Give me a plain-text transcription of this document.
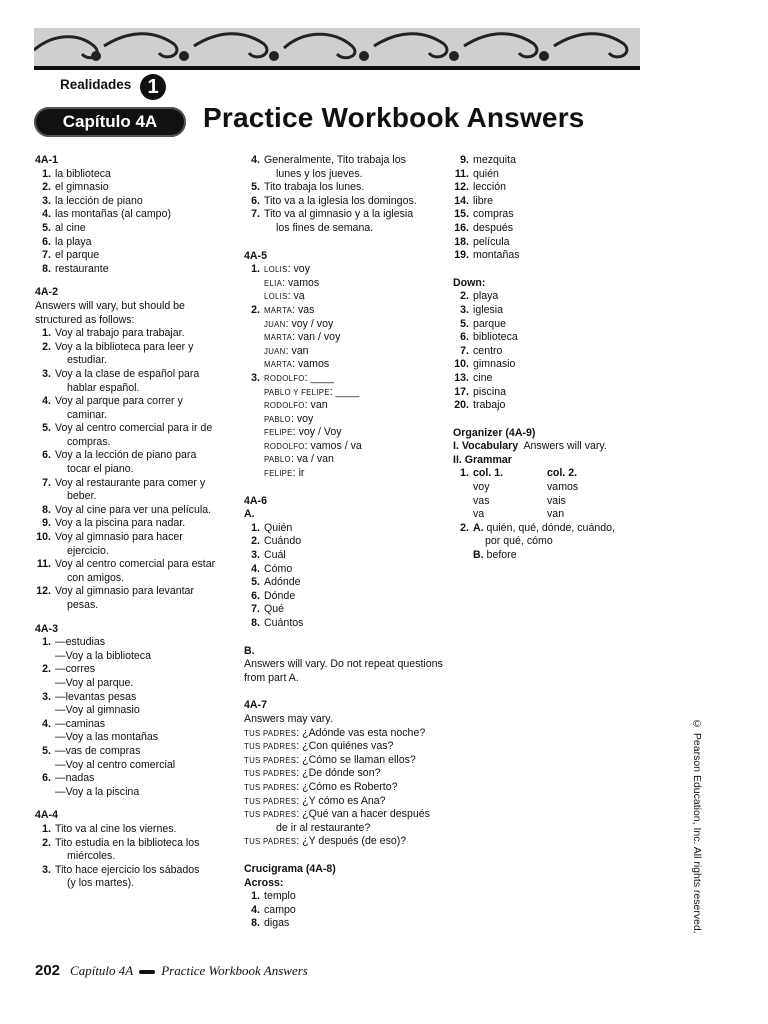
Realidades 1
Capítulo 4A	Practice Workbook Answers
4A-1
1. la biblioteca
2. el gimnasio
3. la lección de piano
4. las montañas (al campo)
5. al cine
6. la playa
7. el parque
8. restaurante
4A-2
Answers will vary, but should be structured as follows:
1. Voy al trabajo para trabajar.
2. Voy a la biblioteca para leer y
estudiar.
3. Voy a la clase de español para
hablar español.
4. Voy al parque para correr y
caminar.
5. Voy al centro comercial para ir de
compras.
6. Voy a la lección de piano para
tocar el piano.
7. Voy al restaurante para comer y
beber.
8. Voy al cine para ver una película.
9. Voy a la piscina para nadar.
10. Voy al gimnasio para hacer
ejercicio.
11. Voy al centro comercial para estar
con amigos.
12. Voy al gimnasio para levantar
pesas.
4A-3
1. —estudias
—Voy a la biblioteca
2. —corres
—Voy al parque.
3. —levantas pesas
—Voy al gimnasio
4. —caminas
—Voy a las montañas
5. —vas de compras
—Voy al centro comercial
6. —nadas
—Voy a la piscina
4A-4
1. Tito va al cine los viernes.
2. Tito estudia en la biblioteca los
miércoles.
3. Tito hace ejercicio los sábados
(y los martes).
4. Generalmente, Tito trabaja los
lunes y los jueves.
5. Tito trabaja los lunes.
6. Tito va a la iglesia los domingos.
7. Tito va al gimnasio y a la iglesia
los fines de semana.
4A-5
1. LOLIS: voy
ELIA: vamos
LOLIS: va
2. MARTA: vas
JUAN: voy / voy
MARTA: van / voy
JUAN: van
MARTA: vamos
3. RODOLFO: ____
PABLO Y FELIPE: ____
RODOLFO: van
PABLO: voy
FELIPE: voy / Voy
RODOLFO: vamos / va
PABLO: va / van
FELIPE: ir
4A-6
A.
1. Quién
2. Cuándo
3. Cuál
4. Cómo
5. Adónde
6. Dónde
7. Qué
8. Cuántos
B.
Answers will vary. Do not repeat questions from part A.
4A-7
Answers may vary.
TUS PADRES: ¿Adónde vas esta noche?
TUS PADRES: ¿Con quiénes vas?
TUS PADRES: ¿Cómo se llaman ellos?
TUS PADRES: ¿De dónde son?
TUS PADRES: ¿Cómo es Roberto?
TUS PADRES: ¿Y cómo es Ana?
TUS PADRES: ¿Qué van a hacer después
de ir al restaurante?
TUS PADRES: ¿Y después (de eso)?
Crucigrama (4A-8)
Across:
1. templo
4. campo
8. digas
9. mezquita
11. quién
12. lección
14. libre
15. compras
16. después
18. película
19. montañas
Down:
2. playa
3. iglesia
5. parque
6. biblioteca
7. centro
10. gimnasio
13. cine
17. piscina
20. trabajo
Organizer (4A-9)
I. Vocabulary Answers will vary.
II. Grammar
1. col. 1.	col. 2.
voy	vamos
vas	vais
va	van
2. A. quién, qué, dónde, cuándo,
por qué, cómo
B. before
© Pearson Education, Inc. All rights reserved.
202 Capítulo 4A Practice Workbook Answers
